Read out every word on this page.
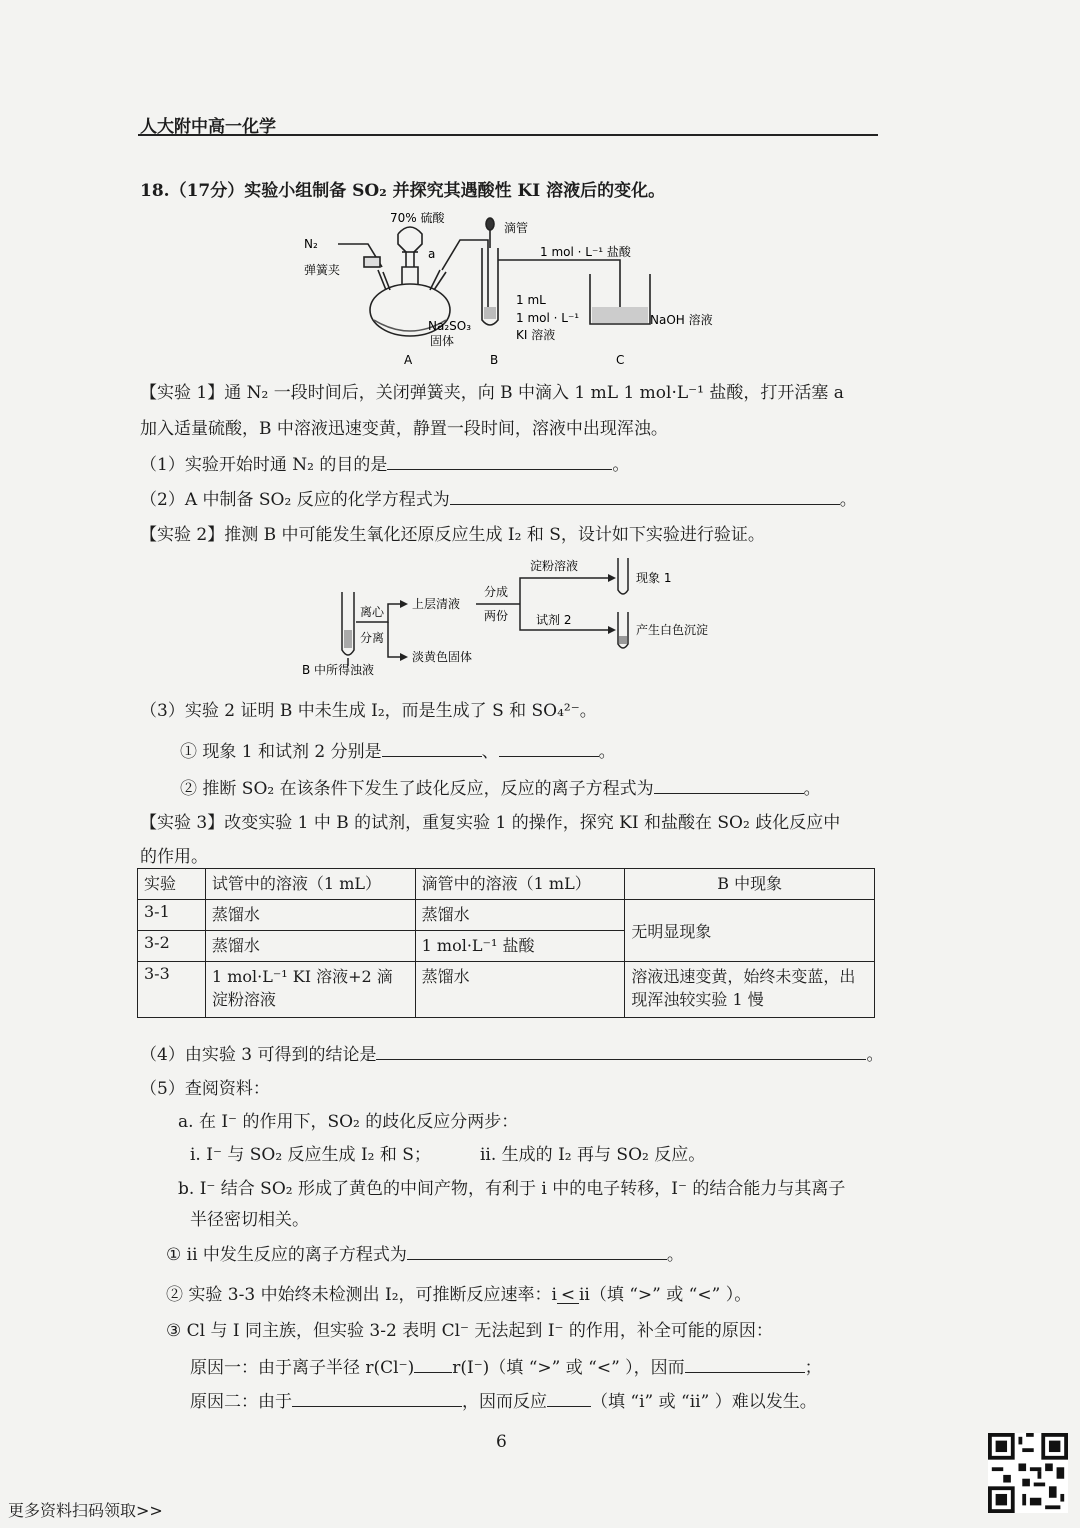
人大附中高一化学
18.（17分）实验小组制备 SO₂ 并探究其遇酸性 KI 溶液后的变化。
70% 硫酸
滴管
1 mol · L⁻¹ 盐酸
N₂
弹簧夹
a
Na₂SO₃
固体
1 mL
1 mol · L⁻¹
KI 溶液
NaOH 溶液
A	B	C
【实验 1】通 N₂ 一段时间后，关闭弹簧夹，向 B 中滴入 1 mL 1 mol·L⁻¹ 盐酸，打开活塞 a
加入适量硫酸，B 中溶液迅速变黄，静置一段时间，溶液中出现浑浊。
（1）实验开始时通 N₂ 的目的是	。
（2）A 中制备 SO₂ 反应的化学方程式为	。
【实验 2】推测 B 中可能发生氧化还原反应生成 I₂ 和 S，设计如下实验进行验证。
离心
分离
上层清液
分成
两份
淀粉溶液
试剂 2
现象 1
产生白色沉淀
淡黄色固体
B 中所得浊液
（3）实验 2 证明 B 中未生成 I₂，而是生成了 S 和 SO₄²⁻。
① 现象 1 和试剂 2 分别是	、	。
② 推断 SO₂ 在该条件下发生了歧化反应，反应的离子方程式为	。
【实验 3】改变实验 1 中 B 的试剂，重复实验 1 的操作，探究 KI 和盐酸在 SO₂ 歧化反应中
的作用。
实验	试管中的溶液（1 mL）	滴管中的溶液（1 mL）	B 中现象
3-1	蒸馏水	蒸馏水	无明显现象
3-2	蒸馏水	1 mol·L⁻¹ 盐酸	
3-3	1 mol·L⁻¹ KI 溶液+2 滴淀粉溶液	蒸馏水	溶液迅速变黄，始终未变蓝，出现浑浊较实验 1 慢
（4）由实验 3 可得到的结论是	。
（5）查阅资料：
a. 在 I⁻ 的作用下，SO₂ 的歧化反应分两步：
i. I⁻ 与 SO₂ 反应生成 I₂ 和 S；	ii. 生成的 I₂ 再与 SO₂ 反应。
b. I⁻ 结合 SO₂ 形成了黄色的中间产物，有利于 i 中的电子转移，I⁻ 的结合能力与其离子
半径密切相关。
① ii 中发生反应的离子方程式为	。
② 实验 3-3 中始终未检测出 I₂，可推断反应速率：i < ii（填 “>” 或 “<” ）。
③ Cl 与 I 同主族，但实验 3-2 表明 Cl⁻ 无法起到 I⁻ 的作用，补全可能的原因：
原因一：由于离子半径 r(Cl⁻) r(I⁻)（填 “>” 或 “<” ），因而	；
原因二：由于	，因而反应	（填 “i” 或 “ii” ）难以发生。
6
更多资料扫码领取>>
